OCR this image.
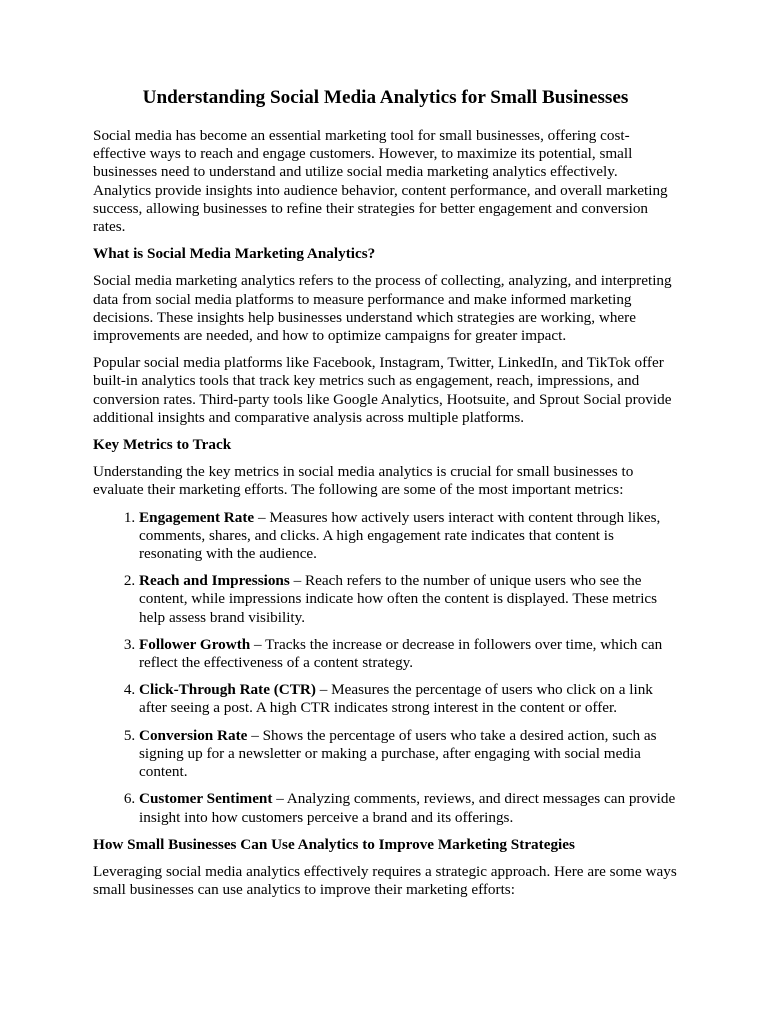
Understanding Social Media Analytics for Small Businesses

Social media has become an essential marketing tool for small businesses, offering cost-effective ways to reach and engage customers. However, to maximize its potential, small businesses need to understand and utilize social media marketing analytics effectively. Analytics provide insights into audience behavior, content performance, and overall marketing success, allowing businesses to refine their strategies for better engagement and conversion rates.

What is Social Media Marketing Analytics?

Social media marketing analytics refers to the process of collecting, analyzing, and interpreting data from social media platforms to measure performance and make informed marketing decisions. These insights help businesses understand which strategies are working, where improvements are needed, and how to optimize campaigns for greater impact.

Popular social media platforms like Facebook, Instagram, Twitter, LinkedIn, and TikTok offer built-in analytics tools that track key metrics such as engagement, reach, impressions, and conversion rates. Third-party tools like Google Analytics, Hootsuite, and Sprout Social provide additional insights and comparative analysis across multiple platforms.

Key Metrics to Track

Understanding the key metrics in social media analytics is crucial for small businesses to evaluate their marketing efforts. The following are some of the most important metrics:

1. Engagement Rate – Measures how actively users interact with content through likes, comments, shares, and clicks. A high engagement rate indicates that content is resonating with the audience.
2. Reach and Impressions – Reach refers to the number of unique users who see the content, while impressions indicate how often the content is displayed. These metrics help assess brand visibility.
3. Follower Growth – Tracks the increase or decrease in followers over time, which can reflect the effectiveness of a content strategy.
4. Click-Through Rate (CTR) – Measures the percentage of users who click on a link after seeing a post. A high CTR indicates strong interest in the content or offer.
5. Conversion Rate – Shows the percentage of users who take a desired action, such as signing up for a newsletter or making a purchase, after engaging with social media content.
6. Customer Sentiment – Analyzing comments, reviews, and direct messages can provide insight into how customers perceive a brand and its offerings.

How Small Businesses Can Use Analytics to Improve Marketing Strategies

Leveraging social media analytics effectively requires a strategic approach. Here are some ways small businesses can use analytics to improve their marketing efforts:
